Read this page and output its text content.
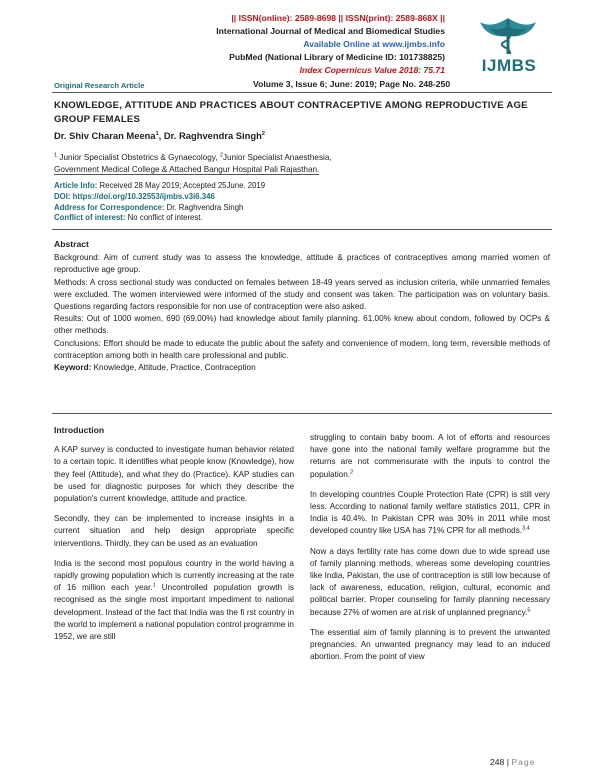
|| ISSN(online): 2589-8698 || ISSN(print): 2589-868X ||
International Journal of Medical and Biomedical Studies
Available Online at www.ijmbs.info
PubMed (National Library of Medicine ID: 101738825)
Index Copernicus Value 2018: 75.71	IJMBS
Original Research Article	Volume 3, Issue 6; June: 2019; Page No. 248-250
KNOWLEDGE, ATTITUDE AND PRACTICES ABOUT CONTRACEPTIVE AMONG REPRODUCTIVE AGE GROUP FEMALES
Dr. Shiv Charan Meena$^1$, Dr. Raghvendra Singh$^2$
$^1$ Junior Specialist Obstetrics & Gynaecology, $^2$Junior Specialist Anaesthesia,
Government Medical College & Attached Bangur Hospital Pali Rajasthan.
Article Info: Received 28 May 2019; Accepted 25June. 2019
DOI: https://doi.org/10.32553/ijmbs.v3i6.346
Address for Correspondence: Dr. Raghvendra Singh
Conflict of interest: No conflict of interest.
Abstract

Background: Aim of current study was to assess the knowledge, attitude & practices of contraceptives among married women of reproductive age group.

Methods: A cross sectional study was conducted on females between 18-49 years served as inclusion criteria, while unmarried females were excluded. The women interviewed were informed of the study and consent was taken. The participation was on voluntary basis. Questions regarding factors responsible for non use of contraception were also asked.

Results: Out of 1000 women, 690 (69.00%) had knowledge about family planning. 61.00% knew about condom, followed by OCPs & other methods.

Conclusions: Effort should be made to educate the public about the safety and convenience of modern, long term, reversible methods of contraception among both in health care professional and public.

Keyword: Knowledge, Attitude, Practice, Contraception

Introduction

A KAP survey is conducted to investigate human behavior related to a certain topic. It identifies what people know (Knowledge), how they feel (Attitude), and what they do (Practice). KAP studies can be used for diagnostic purposes for which they describe the population's current knowledge, attitude and practice.

Secondly, they can be implemented to increase insights in a current situation and help design appropriate specific interventions. Thirdly, they can be used as an evaluation

India is the second most populous country in the world having a rapidly growing population which is currently increasing at the rate of 16 million each year.$^1$ Uncontrolled population growth is recognised as the single most important impediment to national development. Instead of the fact that India was the fi rst country in the world to implement a national population control programme in 1952, we are still

struggling to contain baby boom. A lot of efforts and resources have gone into the national family welfare programme but the returns are not commensurate with the inputs to control the population.$^2$

In developing countries Couple Protection Rate (CPR) is still very less. According to national family welfare statistics 2011, CPR in India is 40.4%. In Pakistan CPR was 30% in 2011 while most developed country like USA has 71% CPR for all methods.$^{3,4}$

Now a days fertility rate has come down due to wide spread use of family planning methods, whereas some developing countries like India, Pakistan, the use of contraception is still low because of lack of awareness, education, religion, cultural, economic and political barrier. Proper counseling for family planning necessary because 27% of women are at risk of unplanned pregnancy.$^5$

The essential aim of family planning is to prevent the unwanted pregnancies. An unwanted pregnancy may lead to an induced abortion. From the point of view

248 | Page
